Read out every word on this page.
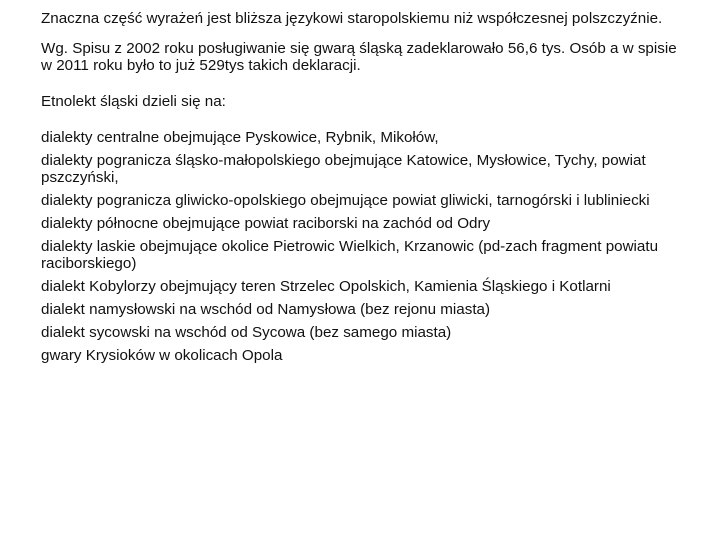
Znaczna część wyrażeń jest bliższa językowi staropolskiemu niż współczesnej polszczyźnie.

Wg. Spisu z 2002 roku posługiwanie się gwarą śląską zadeklarowało 56,6 tys. Osób a w spisie w 2011 roku było to już 529tys takich deklaracji.

Etnolekt śląski dzieli się na:

dialekty centralne obejmujące Pyskowice, Rybnik, Mikołów,
dialekty pogranicza śląsko-małopolskiego obejmujące Katowice, Mysłowice, Tychy, powiat pszczyński,
dialekty pogranicza gliwicko-opolskiego obejmujące powiat gliwicki, tarnogórski i lubliniecki
dialekty północne obejmujące powiat raciborski na zachód od Odry
dialekty laskie obejmujące okolice Pietrowic Wielkich, Krzanowic (pd-zach fragment powiatu raciborskiego)
dialekt Kobylorzy obejmujący teren Strzelec Opolskich, Kamienia Śląskiego i Kotlarni
dialekt namysłowski na wschód od Namysłowa (bez rejonu miasta)
dialekt sycowski na wschód od Sycowa (bez samego miasta)
gwary Krysioków w okolicach Opola
